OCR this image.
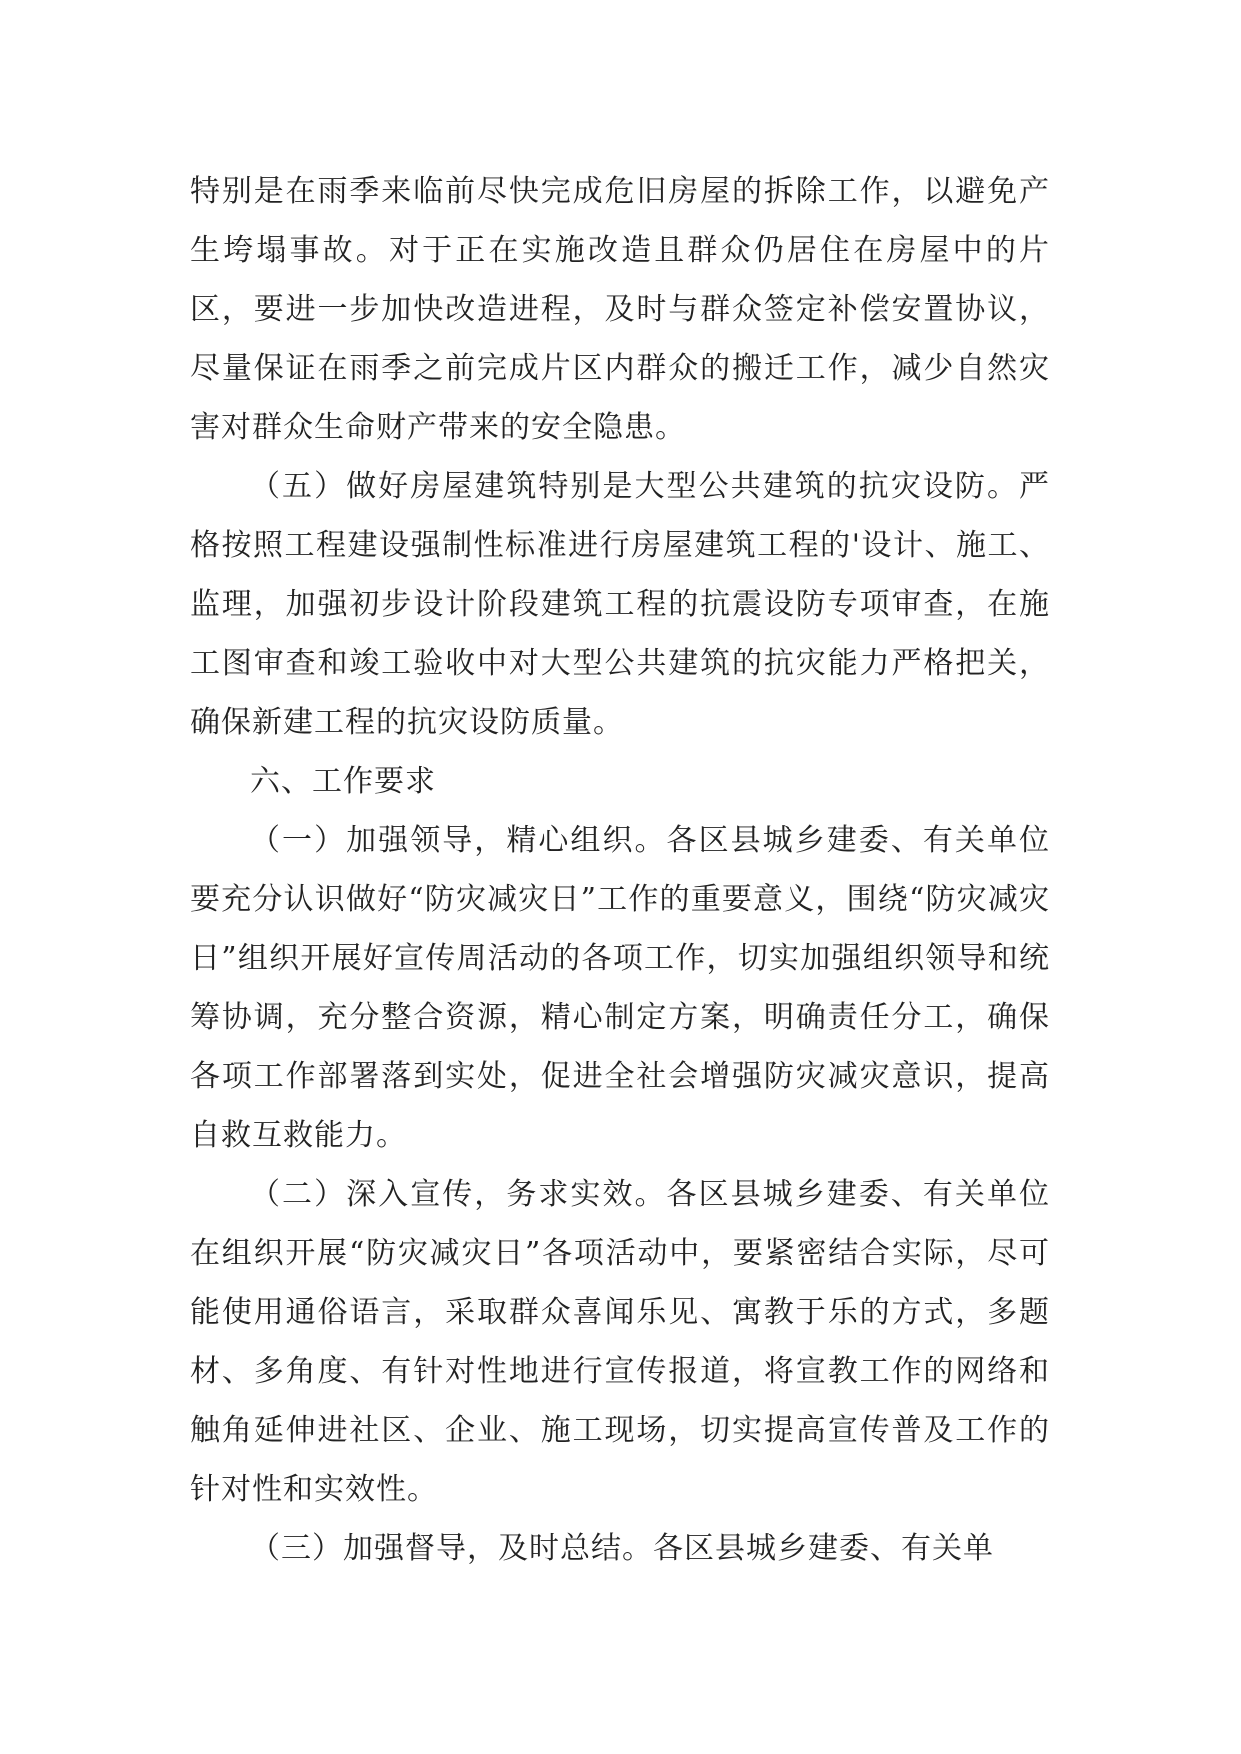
特别是在雨季来临前尽快完成危旧房屋的拆除工作，以避免产生垮塌事故。对于正在实施改造且群众仍居住在房屋中的片区，要进一步加快改造进程，及时与群众签定补偿安置协议，尽量保证在雨季之前完成片区内群众的搬迁工作，减少自然灾害对群众生命财产带来的安全隐患。

（五）做好房屋建筑特别是大型公共建筑的抗灾设防。严格按照工程建设强制性标准进行房屋建筑工程的'设计、施工、监理，加强初步设计阶段建筑工程的抗震设防专项审查，在施工图审查和竣工验收中对大型公共建筑的抗灾能力严格把关，确保新建工程的抗灾设防质量。

六、工作要求

（一）加强领导，精心组织。各区县城乡建委、有关单位要充分认识做好“防灾减灾日”工作的重要意义，围绕“防灾减灾日”组织开展好宣传周活动的各项工作，切实加强组织领导和统筹协调，充分整合资源，精心制定方案，明确责任分工，确保各项工作部署落到实处，促进全社会增强防灾减灾意识，提高自救互救能力。

（二）深入宣传，务求实效。各区县城乡建委、有关单位在组织开展“防灾减灾日”各项活动中，要紧密结合实际，尽可能使用通俗语言，采取群众喜闻乐见、寓教于乐的方式，多题材、多角度、有针对性地进行宣传报道，将宣教工作的网络和触角延伸进社区、企业、施工现场，切实提高宣传普及工作的针对性和实效性。

（三）加强督导，及时总结。各区县城乡建委、有关单
